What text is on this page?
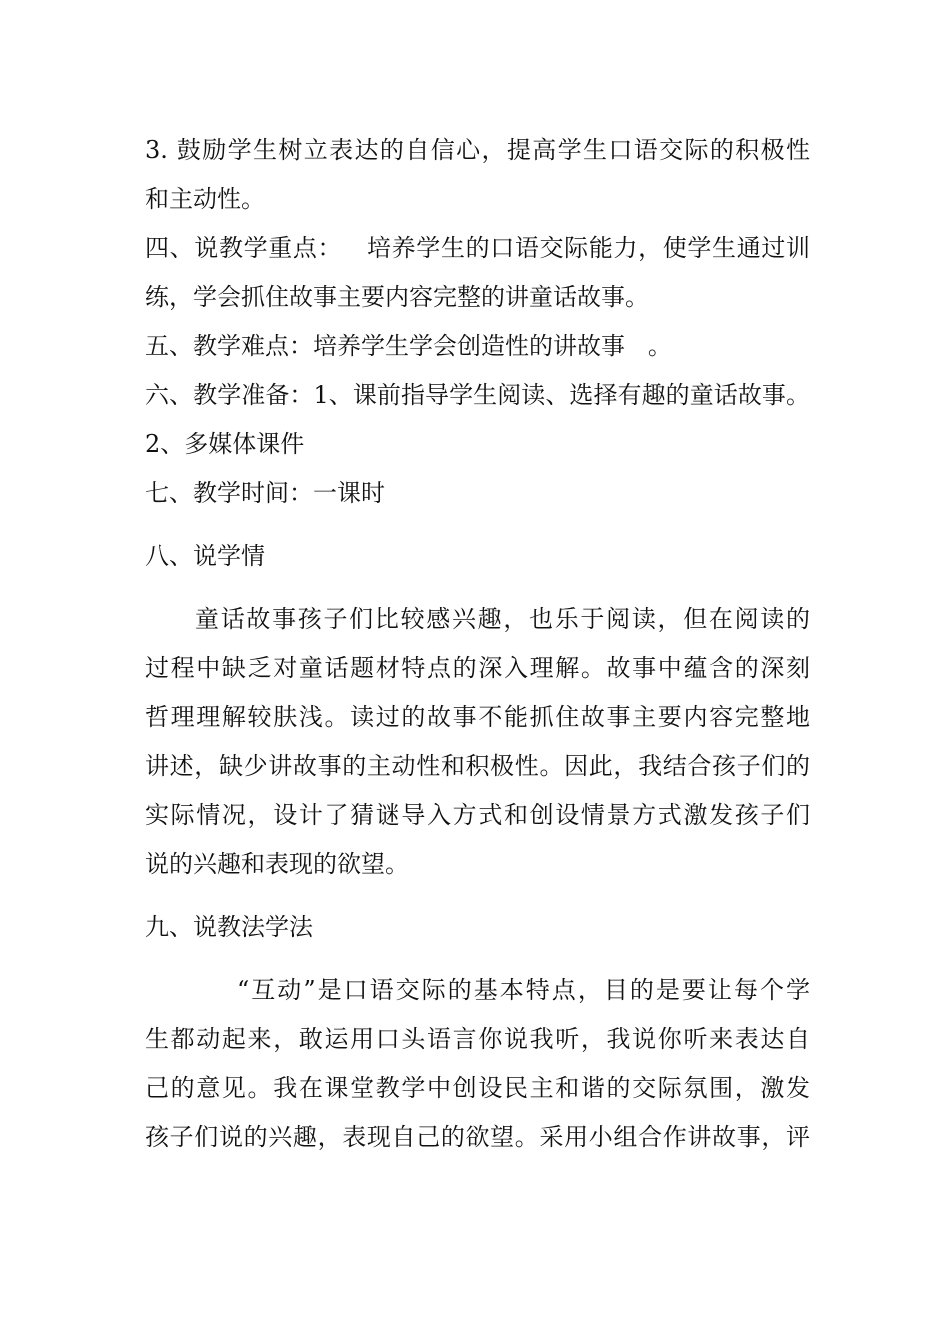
3. 鼓励学生树立表达的自信心，提高学生口语交际的积极性
和主动性。
四、说教学重点：   培养学生的口语交际能力，使学生通过训
练，学会抓住故事主要内容完整的讲童话故事。
五、教学难点：培养学生学会创造性的讲故事   。
六、教学准备：1、课前指导学生阅读、选择有趣的童话故事。
2、多媒体课件
七、教学时间：一课时
八、说学情
童话故事孩子们比较感兴趣，也乐于阅读，但在阅读的
过程中缺乏对童话题材特点的深入理解。故事中蕴含的深刻
哲理理解较肤浅。读过的故事不能抓住故事主要内容完整地
讲述，缺少讲故事的主动性和积极性。因此，我结合孩子们的
实际情况，设计了猜谜导入方式和创设情景方式激发孩子们
说的兴趣和表现的欲望。
九、说教法学法
“互动”是口语交际的基本特点，目的是要让每个学
生都动起来，敢运用口头语言你说我听，我说你听来表达自
己的意见。我在课堂教学中创设民主和谐的交际氛围，激发
孩子们说的兴趣，表现自己的欲望。采用小组合作讲故事，评
